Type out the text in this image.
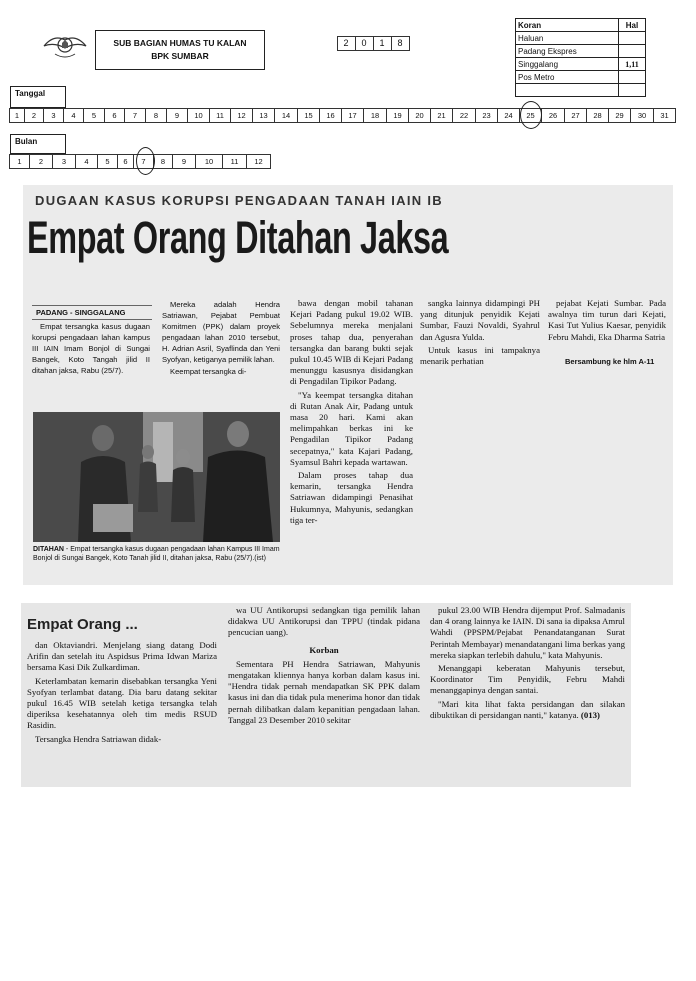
SUB BAGIAN HUMAS TU KALAN
BPK SUMBAR
2	0	1	8
Koran	Hal
Haluan	
Padang Ekspres	
Singgalang	1,11
Pos Metro	

Tanggal
1	2	3	4	5	6	7	8	9	10	11	12	13	14	15	16	17	18	19	20	21	22	23	24	25	26	27	28	29	30	31
Bulan
1	2	3	4	5	6	7	8	9	10	11	12
DUGAAN KASUS KORUPSI PENGADAAN TANAH IAIN IB
Empat Orang Ditahan Jaksa
PADANG - SINGGALANG

Empat tersangka kasus dugaan korupsi pengadaan lahan kampus III IAIN Imam Bonjol di Sungai Bangek, Koto Tangah jilid II ditahan jaksa, Rabu (25/7).

Mereka adalah Hendra Satriawan, Pejabat Pembuat Komitmen (PPK) dalam proyek pengadaan lahan 2010 tersebut, H. Adrian Asril, Syaflinda dan Yeni Syofyan, ketiganya pemilik lahan.

Keempat tersangka di-

bawa dengan mobil tahanan Kejari Padang pukul 19.02 WIB. Sebelumnya mereka menjalani proses tahap dua, penyerahan tersangka dan barang bukti sejak pukul 10.45 WIB di Kejari Padang menunggu kasusnya disidangkan di Pengadilan Tipikor Padang.

"Ya keempat tersangka ditahan di Rutan Anak Air, Padang untuk masa 20 hari. Kami akan melimpahkan berkas ini ke Pengadilan Tipikor Padang secepatnya," kata Kajari Padang, Syamsul Bahri kepada wartawan.

Dalam proses tahap dua kemarin, tersangka Hendra Satriawan didampingi Penasihat Hukumnya, Mahyunis, sedangkan tiga ter-

sangka lainnya didampingi PH yang ditunjuk penyidik Kejati Sumbar, Fauzi Novaldi, Syahrul dan Agusra Yulda.

Untuk kasus ini tampaknya menarik perhatian

pejabat Kejati Sumbar. Pada awalnya tim turun dari Kejati, Kasi Tut Yulius Kaesar, penyidik Febru Mahdi, Eka Dharma Satria

Bersambung ke hlm A-11
DITAHAN - Empat tersangka kasus dugaan pengadaan lahan Kampus III Imam Bonjol di Sungai Bangek, Koto Tanah jilid II, ditahan jaksa, Rabu (25/7).(ist)
Empat Orang ...

dan Oktaviandri. Menjelang siang datang Dodi Arifin dan setelah itu Aspidsus Prima Idwan Mariza bersama Kasi Dik Zulkardiman.

Keterlambatan kemarin disebabkan tersangka Yeni Syofyan terlambat datang. Dia baru datang sekitar pukul 16.45 WIB setelah ketiga tersangka telah diperiksa kesehatannya oleh tim medis RSUD Rasidin.

Tersangka Hendra Satriawan didak-

wa UU Antikorupsi sedangkan tiga pemilik lahan didakwa UU Antikorupsi dan TPPU (tindak pidana pencucian uang).

Korban

Sementara PH Hendra Satriawan, Mahyunis mengatakan kliennya hanya korban dalam kasus ini. "Hendra tidak pernah mendapatkan SK PPK dalam kasus ini dan dia tidak pula menerima honor dan tidak pernah dilibatkan dalam kepanitian pengadaan lahan. Tanggal 23 Desember 2010 sekitar

pukul 23.00 WIB Hendra dijemput Prof. Salmadanis dan 4 orang lainnya ke IAIN. Di sana ia dipaksa Amrul Wahdi (PPSPM/Pejabat Penandatanganan Surat Perintah Membayar) menandatangani lima berkas yang mereka siapkan terlebih dahulu," kata Mahyunis.

Menanggapi keberatan Mahyunis tersebut, Koordinator Tim Penyidik, Febru Mahdi menanggapinya dengan santai.

"Mari kita lihat fakta persidangan dan silakan dibuktikan di persidangan nanti," katanya. (013)
